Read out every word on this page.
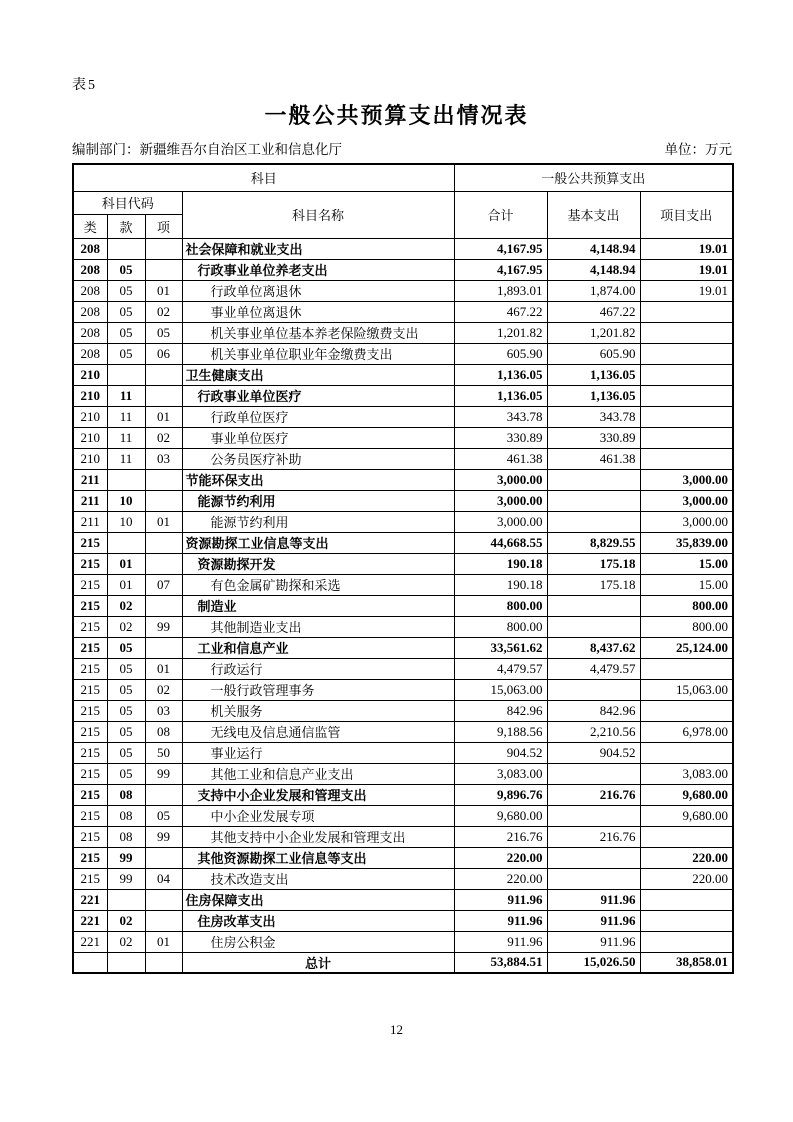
表5
一般公共预算支出情况表
编制部门：新疆维吾尔自治区工业和信息化厅	单位：万元
科目				一般公共预算支出		
科目代码			科目名称	合计	基本支出	项目支出
类	款	项				
208			社会保障和就业支出	4,167.95	4,148.94	19.01
208	05		行政事业单位养老支出	4,167.95	4,148.94	19.01
208	05	01	行政单位离退休	1,893.01	1,874.00	19.01
208	05	02	事业单位离退休	467.22	467.22	
208	05	05	机关事业单位基本养老保险缴费支出	1,201.82	1,201.82	
208	05	06	机关事业单位职业年金缴费支出	605.90	605.90	
210			卫生健康支出	1,136.05	1,136.05	
210	11		行政事业单位医疗	1,136.05	1,136.05	
210	11	01	行政单位医疗	343.78	343.78	
210	11	02	事业单位医疗	330.89	330.89	
210	11	03	公务员医疗补助	461.38	461.38	
211			节能环保支出	3,000.00		3,000.00
211	10		能源节约利用	3,000.00		3,000.00
211	10	01	能源节约利用	3,000.00		3,000.00
215			资源勘探工业信息等支出	44,668.55	8,829.55	35,839.00
215	01		资源勘探开发	190.18	175.18	15.00
215	01	07	有色金属矿勘探和采选	190.18	175.18	15.00
215	02		制造业	800.00		800.00
215	02	99	其他制造业支出	800.00		800.00
215	05		工业和信息产业	33,561.62	8,437.62	25,124.00
215	05	01	行政运行	4,479.57	4,479.57	
215	05	02	一般行政管理事务	15,063.00		15,063.00
215	05	03	机关服务	842.96	842.96	
215	05	08	无线电及信息通信监管	9,188.56	2,210.56	6,978.00
215	05	50	事业运行	904.52	904.52	
215	05	99	其他工业和信息产业支出	3,083.00		3,083.00
215	08		支持中小企业发展和管理支出	9,896.76	216.76	9,680.00
215	08	05	中小企业发展专项	9,680.00		9,680.00
215	08	99	其他支持中小企业发展和管理支出	216.76	216.76	
215	99		其他资源勘探工业信息等支出	220.00		220.00
215	99	04	技术改造支出	220.00		220.00
221			住房保障支出	911.96	911.96	
221	02		住房改革支出	911.96	911.96	
221	02	01	住房公积金	911.96	911.96	
			总计	53,884.51	15,026.50	38,858.01
12
